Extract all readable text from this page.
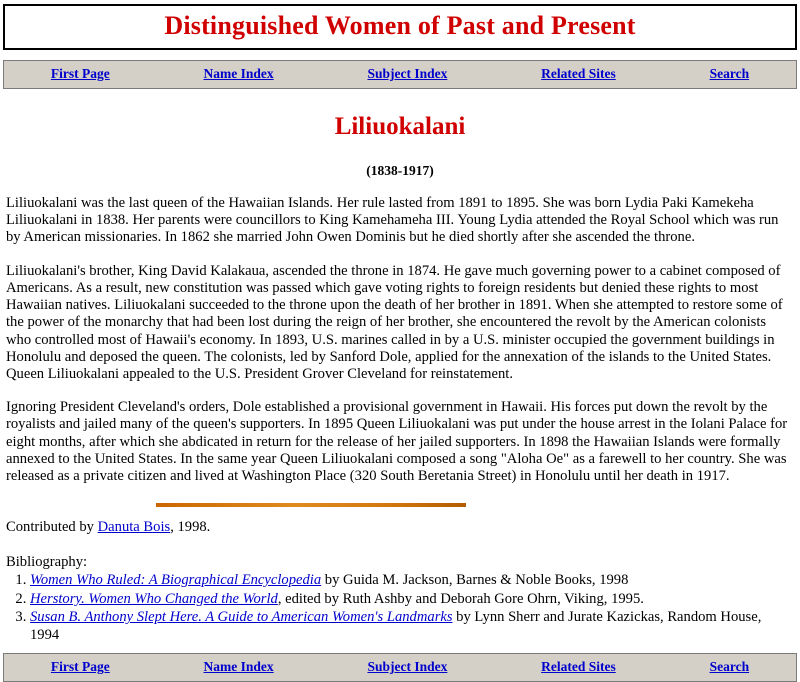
Distinguished Women of Past and Present
First Page	Name Index	Subject Index	Related Sites	Search
Liliuokalani
(1838-1917)

Liliuokalani was the last queen of the Hawaiian Islands. Her rule lasted from 1891 to 1895. She was born Lydia Paki Kamekeha Liliuokalani in 1838. Her parents were councillors to King Kamehameha III. Young Lydia attended the Royal School which was run by American missionaries. In 1862 she married John Owen Dominis but he died shortly after she ascended the throne.

Liliuokalani's brother, King David Kalakaua, ascended the throne in 1874. He gave much governing power to a cabinet composed of Americans. As a result, new constitution was passed which gave voting rights to foreign residents but denied these rights to most Hawaiian natives. Liliuokalani succeeded to the throne upon the death of her brother in 1891. When she attempted to restore some of the power of the monarchy that had been lost during the reign of her brother, she encountered the revolt by the American colonists who controlled most of Hawaii's economy. In 1893, U.S. marines called in by a U.S. minister occupied the government buildings in Honolulu and deposed the queen. The colonists, led by Sanford Dole, applied for the annexation of the islands to the United States. Queen Liliuokalani appealed to the U.S. President Grover Cleveland for reinstatement.

Ignoring President Cleveland's orders, Dole established a provisional government in Hawaii. His forces put down the revolt by the royalists and jailed many of the queen's supporters. In 1895 Queen Liliuokalani was put under the house arrest in the Iolani Palace for eight months, after which she abdicated in return for the release of her jailed supporters. In 1898 the Hawaiian Islands were formally annexed to the United States. In the same year Queen Liliuokalani composed a song "Aloha Oe" as a farewell to her country. She was released as a private citizen and lived at Washington Place (320 South Beretania Street) in Honolulu until her death in 1917.

Contributed by Danuta Bois, 1998.

Bibliography:

1. Women Who Ruled: A Biographical Encyclopedia by Guida M. Jackson, Barnes & Noble Books, 1998
2. Herstory. Women Who Changed the World, edited by Ruth Ashby and Deborah Gore Ohrn, Viking, 1995.
3. Susan B. Anthony Slept Here. A Guide to American Women's Landmarks by Lynn Sherr and Jurate Kazickas, Random House, 1994
First Page	Name Index	Subject Index	Related Sites	Search
